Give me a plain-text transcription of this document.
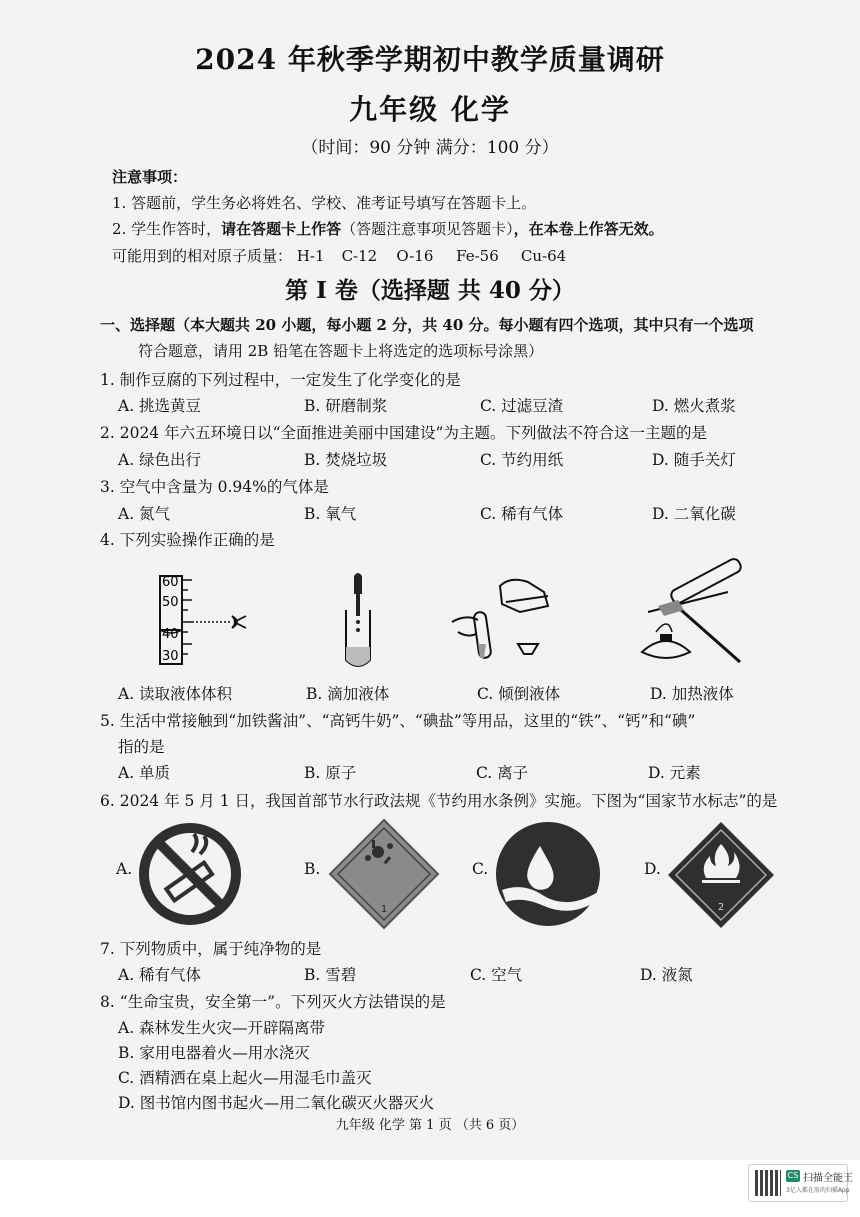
2024 年秋季学期初中教学质量调研
九年级 化学
（时间：90 分钟 满分：100 分）
注意事项：
1. 答题前，学生务必将姓名、学校、准考证号填写在答题卡上。
2. 学生作答时，请在答题卡上作答（答题注意事项见答题卡），在本卷上作答无效。
可能用到的相对原子质量： H-1 C-12 O-16 Fe-56 Cu-64
第 I 卷（选择题 共 40 分）
一、选择题（本大题共 20 小题，每小题 2 分，共 40 分。每小题有四个选项，其中只有一个选项
符合题意，请用 2B 铅笔在答题卡上将选定的选项标号涂黑）
1. 制作豆腐的下列过程中，一定发生了化学变化的是
A. 挑选黄豆	B. 研磨制浆	C. 过滤豆渣	D. 燃火煮浆
2. 2024 年六五环境日以“全面推进美丽中国建设”为主题。下列做法不符合这一主题的是
A. 绿色出行	B. 焚烧垃圾	C. 节约用纸	D. 随手关灯
3. 空气中含量为 0.94%的气体是
A. 氮气	B. 氧气	C. 稀有气体	D. 二氧化碳
4. 下列实验操作正确的是
60
50
40
30
A. 读取液体体积	B. 滴加液体	C. 倾倒液体	D. 加热液体
5. 生活中常接触到“加铁酱油”、“高钙牛奶”、“碘盐”等用品，这里的“铁”、“钙”和“碘”
指的是
A. 单质	B. 原子	C. 离子	D. 元素
6. 2024 年 5 月 1 日，我国首部节水行政法规《节约用水条例》实施。下图为“国家节水标志”的是
A.	B.
1
C.	D.
2
7. 下列物质中，属于纯净物的是
A. 稀有气体	B. 雪碧	C. 空气	D. 液氮
8. “生命宝贵，安全第一”。下列灭火方法错误的是
A. 森林发生火灾—开辟隔离带
B. 家用电器着火—用水浇灭
C. 酒精洒在桌上起火—用湿毛巾盖灭
D. 图书馆内图书起火—用二氧化碳灭火器灭火
九年级 化学 第 1 页 （共 6 页）
CS 扫描全能王
3亿人都在用的扫描App
